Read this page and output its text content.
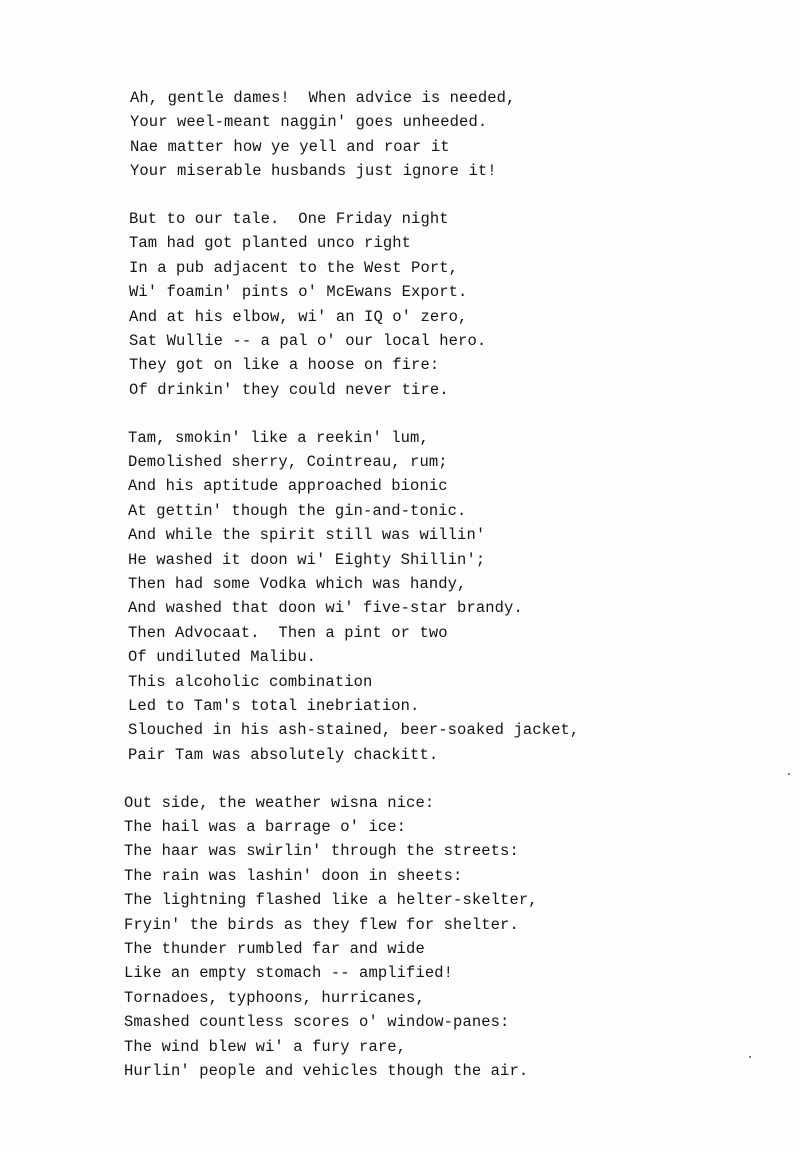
Ah, gentle dames!  When advice is needed,
Your weel-meant naggin' goes unheeded.
Nae matter how ye yell and roar it
Your miserable husbands just ignore it!
But to our tale.  One Friday night
Tam had got planted unco right
In a pub adjacent to the West Port,
Wi' foamin' pints o' McEwans Export.
And at his elbow, wi' an IQ o' zero,
Sat Wullie -- a pal o' our local hero.
They got on like a hoose on fire:
Of drinkin' they could never tire.
Tam, smokin' like a reekin' lum,
Demolished sherry, Cointreau, rum;
And his aptitude approached bionic
At gettin' though the gin-and-tonic.
And while the spirit still was willin'
He washed it doon wi' Eighty Shillin';
Then had some Vodka which was handy,
And washed that doon wi' five-star brandy.
Then Advocaat.  Then a pint or two
Of undiluted Malibu.
This alcoholic combination
Led to Tam's total inebriation.
Slouched in his ash-stained, beer-soaked jacket,
Pair Tam was absolutely chackitt.
Out side, the weather wisna nice:
The hail was a barrage o' ice:
The haar was swirlin' through the streets:
The rain was lashin' doon in sheets:
The lightning flashed like a helter-skelter,
Fryin' the birds as they flew for shelter.
The thunder rumbled far and wide
Like an empty stomach -- amplified!
Tornadoes, typhoons, hurricanes,
Smashed countless scores o' window-panes:
The wind blew wi' a fury rare,
Hurlin' people and vehicles though the air.
